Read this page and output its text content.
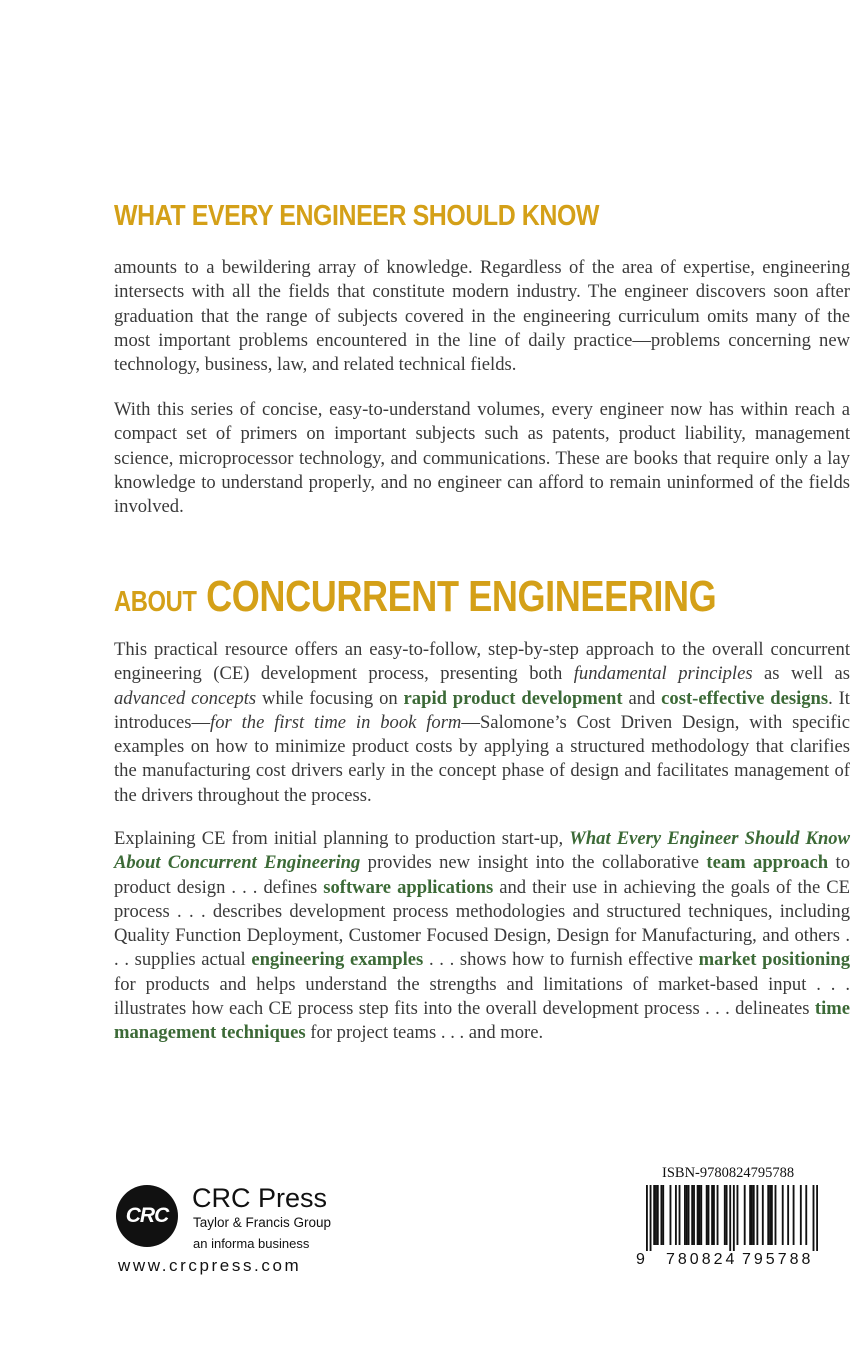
WHAT EVERY ENGINEER SHOULD KNOW

amounts to a bewildering array of knowledge. Regardless of the area of expertise, engineering intersects with all the fields that constitute modern industry. The engineer discovers soon after graduation that the range of subjects covered in the engineering curriculum omits many of the most important problems encountered in the line of daily practice—problems concerning new technology, business, law, and related technical fields.

With this series of concise, easy-to-understand volumes, every engineer now has within reach a compact set of primers on important subjects such as patents, product liability, management science, microprocessor technology, and communications. These are books that require only a lay knowledge to understand properly, and no engineer can afford to remain uninformed of the fields involved.

ABOUT CONCURRENT ENGINEERING

This practical resource offers an easy-to-follow, step-by-step approach to the overall concurrent engineering (CE) development process, presenting both fundamental principles as well as advanced concepts while focusing on rapid product development and cost-effective designs. It introduces—for the first time in book form—Salomone’s Cost Driven Design, with specific examples on how to minimize product costs by applying a structured methodology that clarifies the manufacturing cost drivers early in the concept phase of design and facilitates management of the drivers throughout the process.

Explaining CE from initial planning to production start-up, What Every Engineer Should Know About Concurrent Engineering provides new insight into the collaborative team approach to product design . . . defines software applications and their use in achieving the goals of the CE process . . . describes development process methodologies and structured techniques, including Quality Function Deployment, Customer Focused Design, Design for Manufacturing, and others . . . supplies actual engineering examples . . . shows how to furnish effective market positioning for products and helps understand the strengths and limitations of market-based input . . . illustrates how each CE process step fits into the overall development process . . . delineates time management techniques for project teams . . . and more.

CRC
CRC Press
Taylor & Francis Group
an informa business
www.crcpress.com
ISBN-9780824795788
9 780824 795788
